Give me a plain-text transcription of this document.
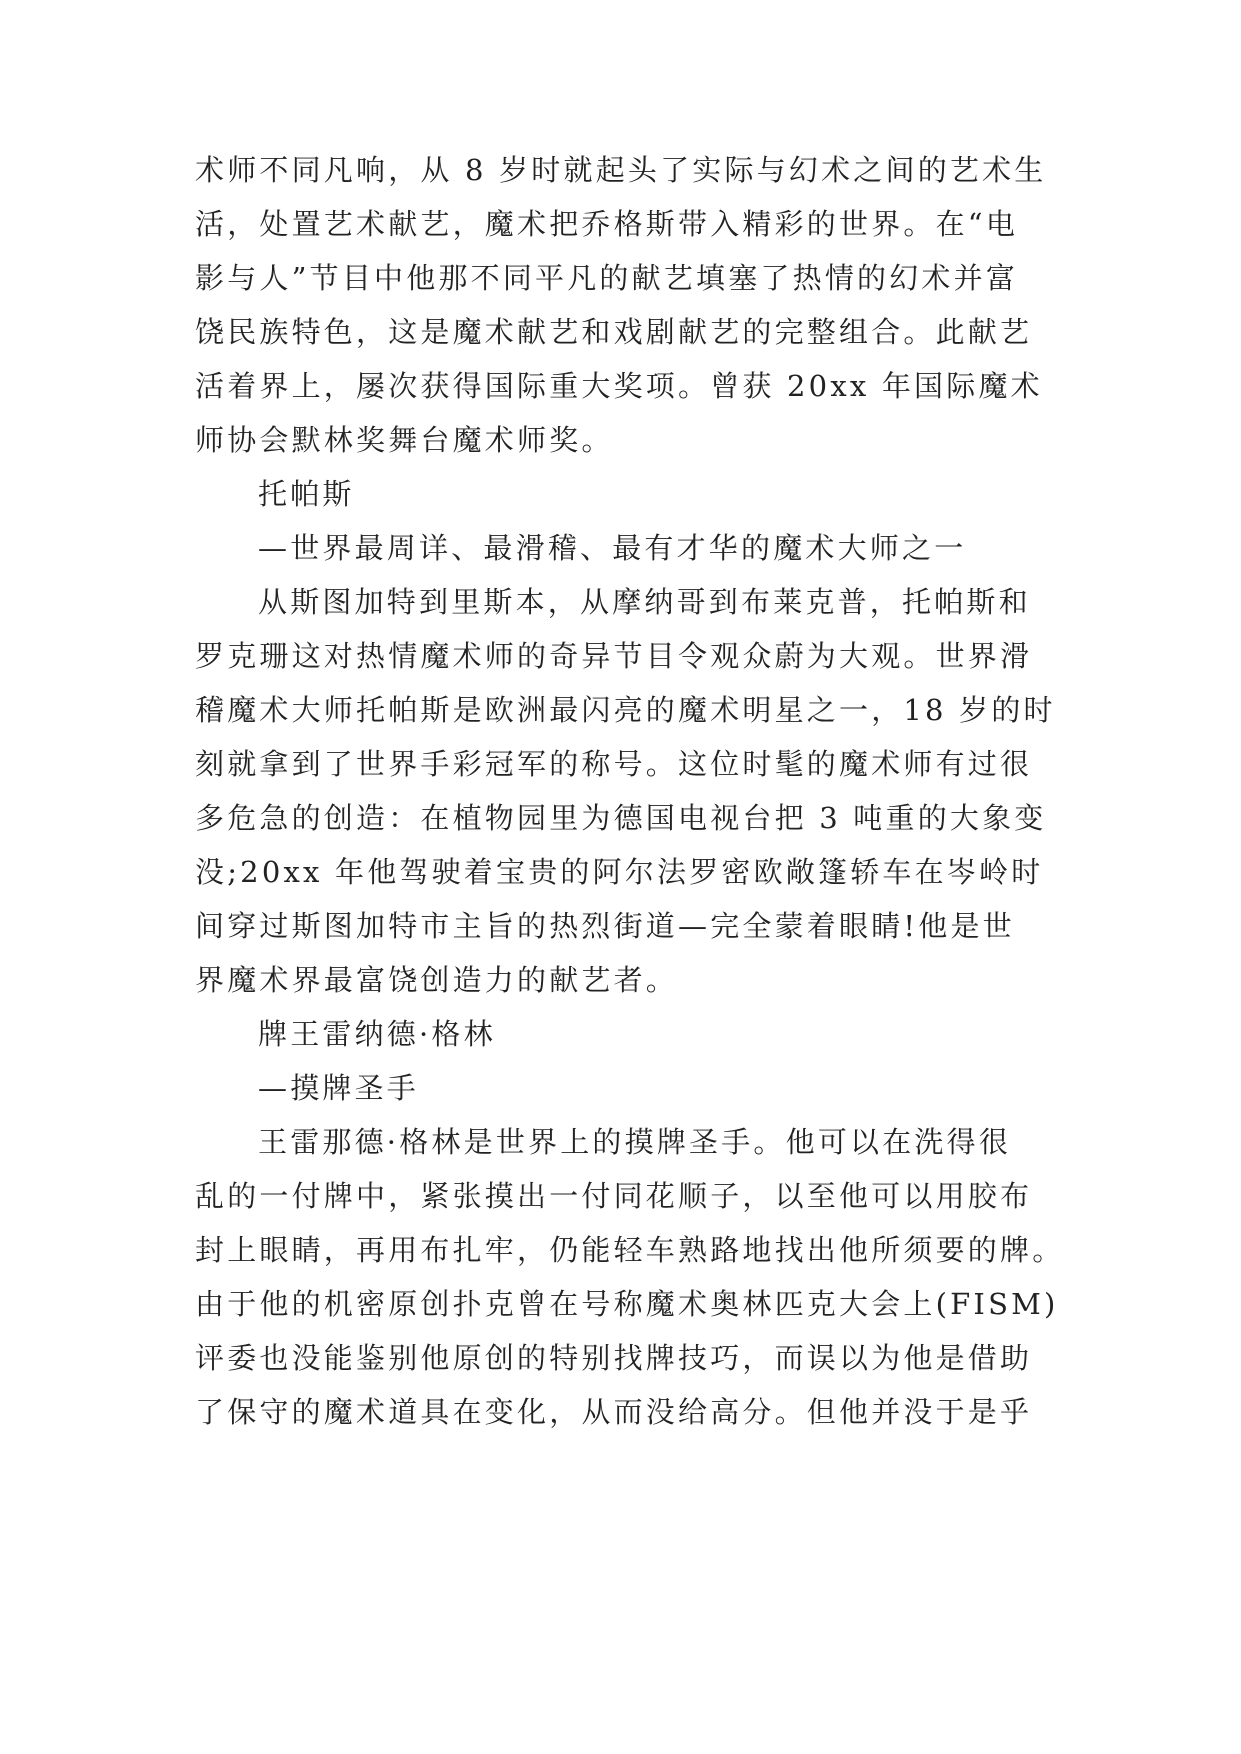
术师不同凡响，从 8 岁时就起头了实际与幻术之间的艺术生

活，处置艺术献艺，魔术把乔格斯带入精彩的世界。在“电

影与人”节目中他那不同平凡的献艺填塞了热情的幻术并富

饶民族特色，这是魔术献艺和戏剧献艺的完整组合。此献艺

活着界上，屡次获得国际重大奖项。曾获 20xx 年国际魔术

师协会默林奖舞台魔术师奖。

托帕斯

—世界最周详、最滑稽、最有才华的魔术大师之一

从斯图加特到里斯本，从摩纳哥到布莱克普，托帕斯和

罗克珊这对热情魔术师的奇异节目令观众蔚为大观。世界滑

稽魔术大师托帕斯是欧洲最闪亮的魔术明星之一，18 岁的时

刻就拿到了世界手彩冠军的称号。这位时髦的魔术师有过很

多危急的创造：在植物园里为德国电视台把 3 吨重的大象变

没;20xx 年他驾驶着宝贵的阿尔法罗密欧敞篷轿车在岑岭时

间穿过斯图加特市主旨的热烈街道—完全蒙着眼睛!他是世

界魔术界最富饶创造力的献艺者。

牌王雷纳德·格林

—摸牌圣手

王雷那德·格林是世界上的摸牌圣手。他可以在洗得很

乱的一付牌中，紧张摸出一付同花顺子，以至他可以用胶布

封上眼睛，再用布扎牢，仍能轻车熟路地找出他所须要的牌。

由于他的机密原创扑克曾在号称魔术奥林匹克大会上(FISM)

评委也没能鉴别他原创的特别找牌技巧，而误以为他是借助

了保守的魔术道具在变化，从而没给高分。但他并没于是乎
